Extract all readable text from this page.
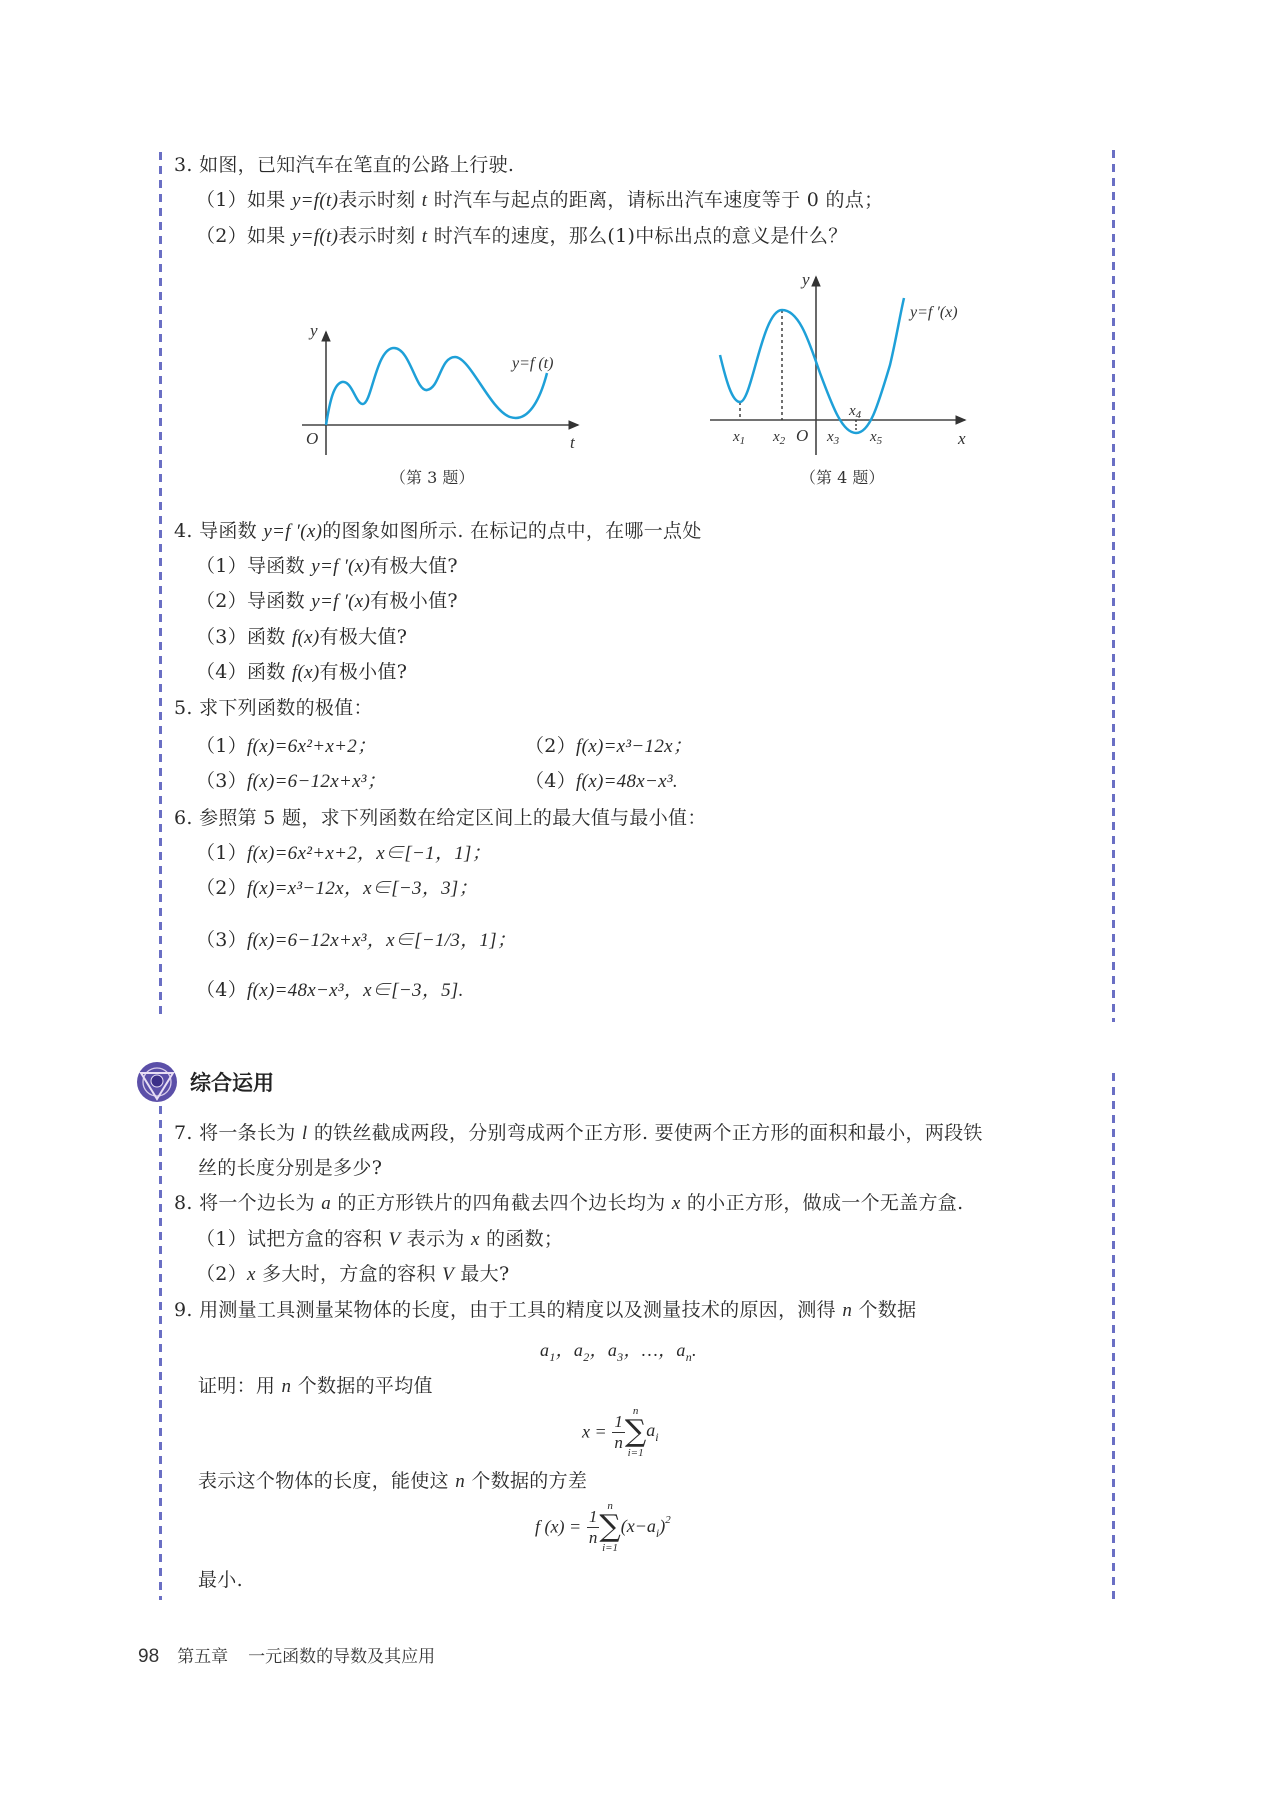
3. 如图，已知汽车在笔直的公路上行驶.
（1）如果 y=f(t)表示时刻 t 时汽车与起点的距离，请标出汽车速度等于 0 的点；
（2）如果 y=f(t)表示时刻 t 时汽车的速度，那么(1)中标出点的意义是什么？
y
t
O
y=f (t)
（第 3 题）
y
x
O
y=f ′(x)
$x_1$ $x_2$	$x_3$
$x_4$
$x_5$
（第 4 题）
4. 导函数 y=f ′(x)的图象如图所示. 在标记的点中，在哪一点处
（1）导函数 y=f ′(x)有极大值?
（2）导函数 y=f ′(x)有极小值?
（3）函数 f(x)有极大值?
（4）函数 f(x)有极小值?
5. 求下列函数的极值：
（1）f(x)=6x²+x+2；	（2）f(x)=x³−12x；
（3）f(x)=6−12x+x³；	（4）f(x)=48x−x³.
6. 参照第 5 题，求下列函数在给定区间上的最大值与最小值：
（1）f(x)=6x²+x+2，x∈[−1，1]；
（2）f(x)=x³−12x，x∈[−3，3]；
（3）f(x)=6−12x+x³，x∈[−1/3，1]；
（4）f(x)=48x−x³，x∈[−3，5].
综合运用
7. 将一条长为 l 的铁丝截成两段，分别弯成两个正方形. 要使两个正方形的面积和最小，两段铁
丝的长度分别是多少?
8. 将一个边长为 a 的正方形铁片的四角截去四个边长均为 x 的小正方形，做成一个无盖方盒.
（1）试把方盒的容积 V 表示为 x 的函数；
（2）x 多大时，方盒的容积 V 最大?
9. 用测量工具测量某物体的长度，由于工具的精度以及测量技术的原因，测得 n 个数据
$a_1$，$a_2$，$a_3$，…，$a_n$.
证明：用 n 个数据的平均值
$x = \frac{1}{n}$
n
∑
i=1
$a_i$
表示这个物体的长度，能使这 n 个数据的方差
f $(x) = \frac{1}{n}$
n
∑
i=1
$(x-a_i)^2$
最小.
98 第五章 一元函数的导数及其应用
